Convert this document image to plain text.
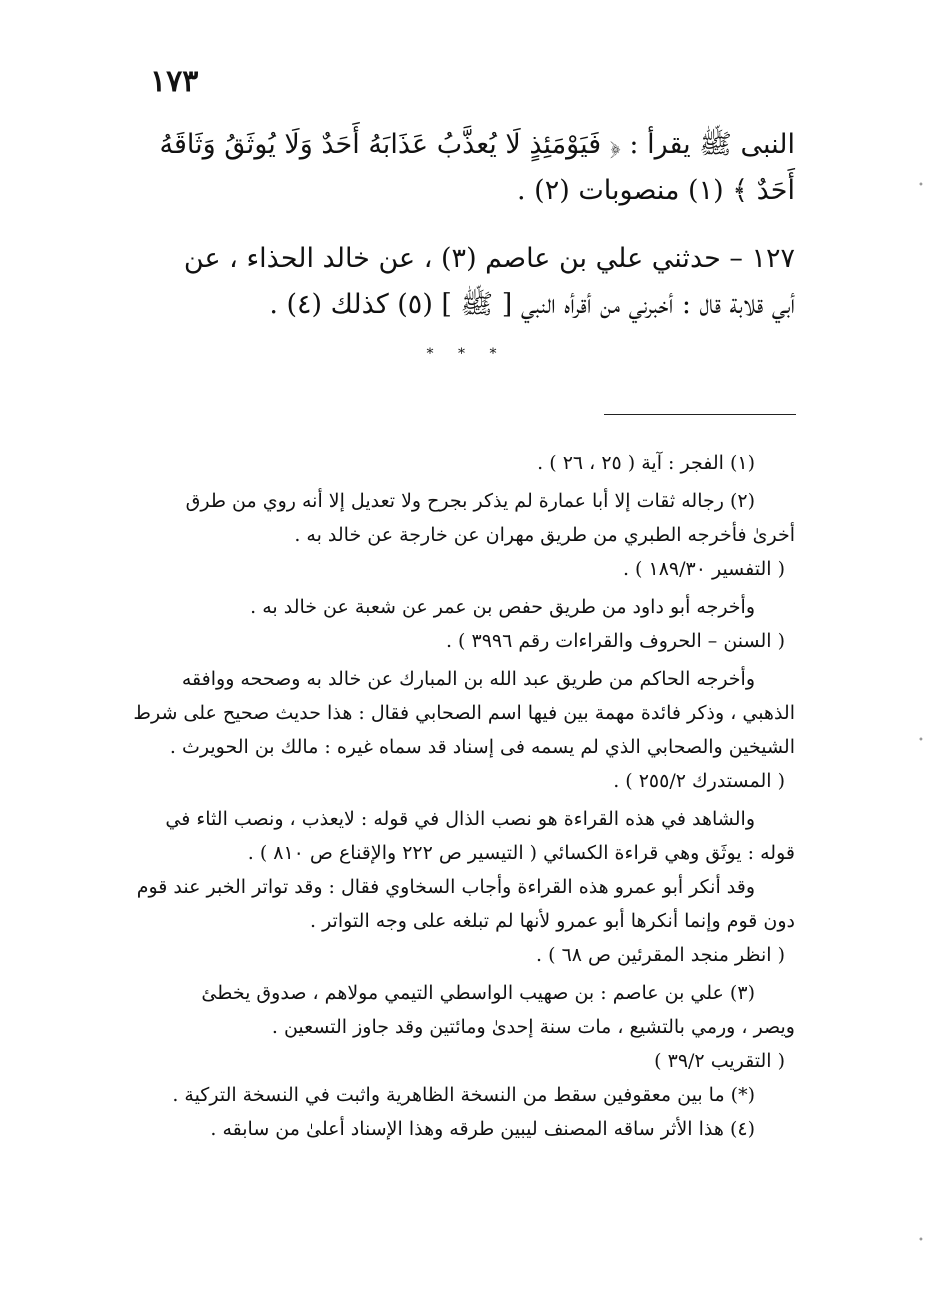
١٧٣

النبى ﷺ يقرأ : ﴿ فَيَوْمَئِذٍ لَا يُعذَّبُ عَذَابَهُ أَحَدٌ وَلَا يُوثَقُ وَثَاقَهُ

أَحَدٌ ﴾ (١) منصوبات (٢) .

١٢٧ – حدثني علي بن عاصم (٣) ، عن خالد الحذاء ، عن

أبي قلابة قال : أخبرني من أقرأه النبي [ ﷺ ] (٥) كذلك (٤) .

* * *

(١) الفجر : آية ( ٢٥ ، ٢٦ ) .

(٢) رجاله ثقات إلا أبا عمارة لم يذكر بجرح ولا تعديل إلا أنه روي من طرق

أخرىٰ فأخرجه الطبري من طريق مهران عن خارجة عن خالد به .

( التفسير ١٨٩/٣٠ ) .

وأخرجه أبو داود من طريق حفص بن عمر عن شعبة عن خالد به .

( السنن – الحروف والقراءات رقم ٣٩٩٦ ) .

وأخرجه الحاكم من طريق عبد الله بن المبارك عن خالد به وصححه ووافقه

الذهبي ، وذكر فائدة مهمة بين فيها اسم الصحابي فقال : هذا حديث صحيح على شرط

الشيخين والصحابي الذي لم يسمه فى إسناد قد سماه غيره : مالك بن الحويرث .

( المستدرك ٢٥٥/٢ ) .

والشاهد في هذه القراءة هو نصب الذال في قوله : لايعذب ، ونصب الثاء في

قوله : يوثَق وهي قراءة الكسائي ( التيسير ص ٢٢٢ والإقناع ص ٨١٠ ) .

وقد أنكر أبو عمرو هذه القراءة وأجاب السخاوي فقال : وقد تواتر الخبر عند قوم

دون قوم وإنما أنكرها أبو عمرو لأنها لم تبلغه على وجه التواتر .

( انظر منجد المقرئين ص ٦٨ ) .

(٣) علي بن عاصم : بن صهيب الواسطي التيمي مولاهم ، صدوق يخطئ

ويصر ، ورمي بالتشيع ، مات سنة إحدىٰ ومائتين وقد جاوز التسعين .

( التقريب ٣٩/٢ )

(*) ما بين معقوفين سقط من النسخة الظاهرية واثبت في النسخة التركية .

(٤) هذا الأثر ساقه المصنف ليبين طرقه وهذا الإسناد أعلىٰ من سابقه .

•
•
•
